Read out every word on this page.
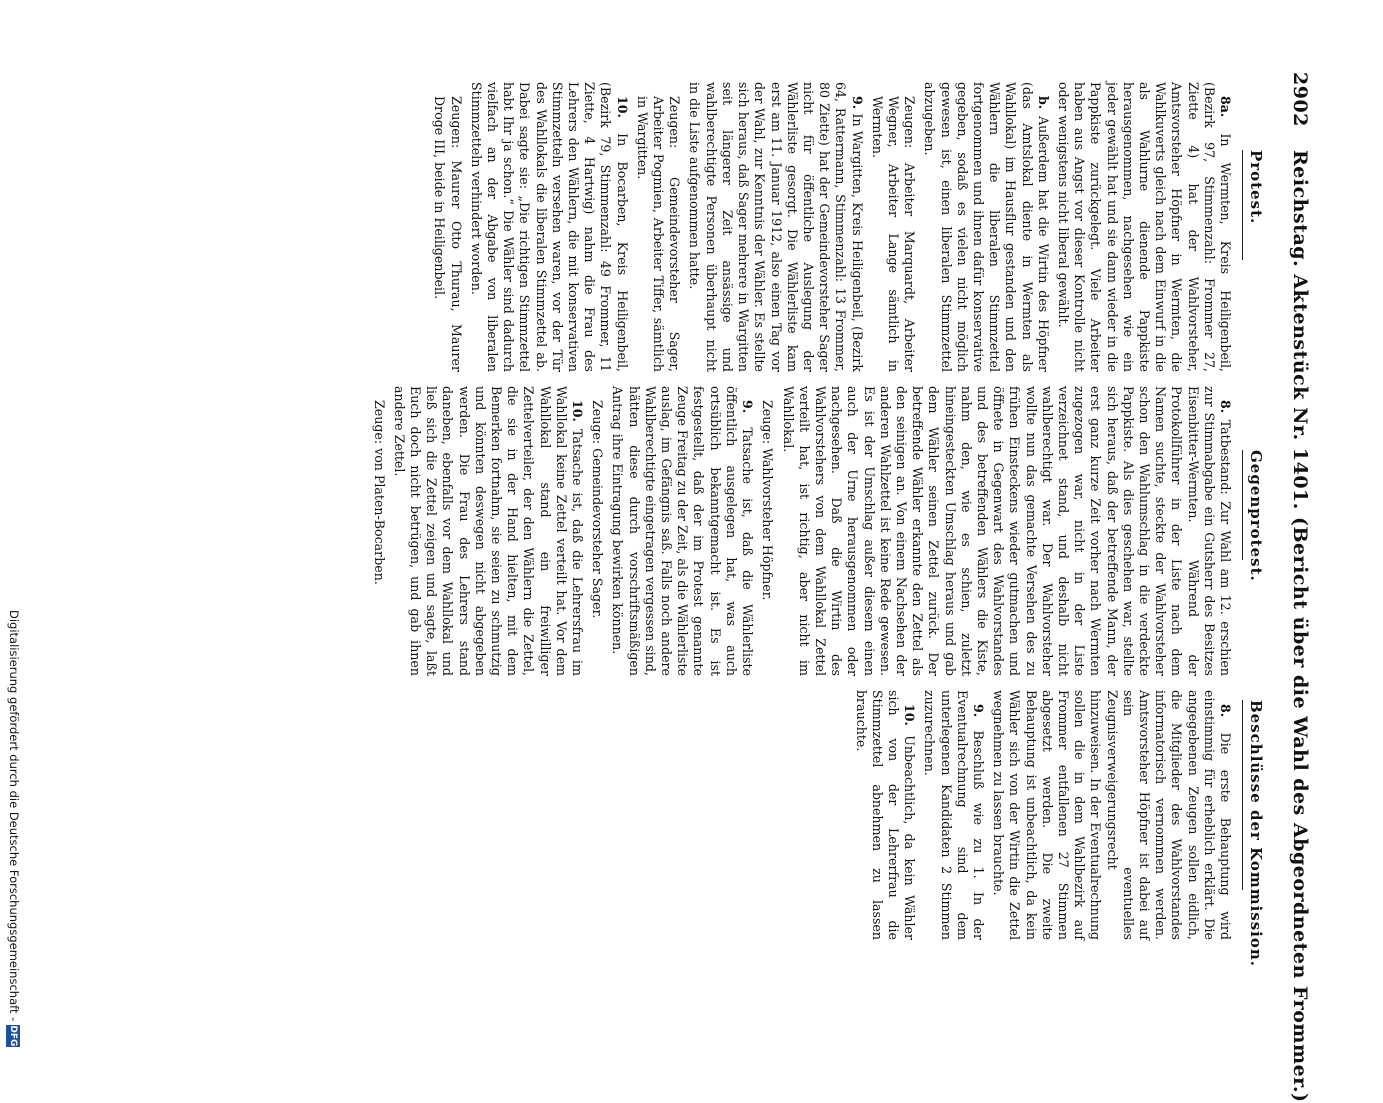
2902 Reichstag. Aktenstück Nr. 1401. (Bericht über die Wahl des Abgeordneten Frommer.)
Protest.
Gegenprotest.
Beschlüsse der Kommission.

8a. In Wermten, Kreis Heiligenbeil, (Bezirk 97, Stimmenzahl: Frommer 27, Ziette 4) hat der Wahlvorsteher, Amtsvorsteher Höpfner in Wermten, die Wahlkuverts gleich nach dem Einwurf in die als Wahlurne dienende Pappkiste herausgenommen, nachgesehen wie ein jeder gewählt hat und sie dann wieder in die Pappkiste zurückgelegt. Viele Arbeiter haben aus Angst vor dieser Kontrolle nicht oder wenigstens nicht liberal gewählt.

b. Außerdem hat die Wirtin des Höpfner (das Amtslokal diente in Wermten als Wahllokal) im Hausflur gestanden und den Wählern die liberalen Stimmzettel fortgenommen und ihnen dafür konservative gegeben, sodaß es vielen nicht möglich gewesen ist, einen liberalen Stimmzettel abzugeben.

Zeugen: Arbeiter Marquardt, Arbeiter Wegner, Arbeiter Lange sämtlich in Wermten.

9. In Wargitten, Kreis Heiligenbeil, (Bezirk 64, Rattermann, Stimmenzahl: 13 Frommer, 80 Ziette) hat der Gemeindevorsteher Sager nicht für öffentliche Auslegung der Wählerliste gesorgt. Die Wählerliste kam erst am 11. Januar 1912, also einen Tag vor der Wahl, zur Kenntnis der Wähler. Es stellte sich heraus, daß Sager mehrere in Wargitten seit längerer Zeit ansässige und wahlberechtigte Personen überhaupt nicht in die Liste aufgenommen hatte.

Zeugen: Gemeindevorsteher Sager, Arbeiter Pogmien, Arbeiter Tiffer, sämtlich in Wargitten.

10. In Bocarben, Kreis Heiligenbeil, (Bezirk 79, Stimmenzahl: 49 Frommer, 11 Ziette, 4 Hartwig) nahm die Frau des Lehrers den Wählern, die mit konservativen Stimmzetteln versehen waren, vor der Tür des Wahllokals die liberalen Stimmzettel ab. Dabei sagte sie: „Die richtigen Stimmzettel habt Ihr ja schon.“ Die Wähler sind dadurch vielfach an der Abgabe von liberalen Stimmzetteln verhindert worden.

Zeugen: Maurer Otto Thurau, Maurer Droge III, beide in Heiligenbeil.

8. Tatbestand: Zur Wahl am 12. erschien zur Stimmabgabe ein Gutsherr des Besitzes Eisenbitter-Wermten. Während der Protokollführer in der Liste nach dem Namen suchte, steckte der Wahlvorsteher schon den Wahlumschlag in die verdeckte Pappkiste. Als dies geschehen war, stellte sich heraus, daß der betreffende Mann, der erst ganz kurze Zeit vorher nach Wermten zugezogen war, nicht in der Liste verzeichnet stand, und deshalb nicht wahlberechtigt war. Der Wahlvorsteher wollte nun das gemachte Versehen des zu frühen Einsteckens wieder gutmachen und öffnete in Gegenwart des Wahlvorstandes und des betreffenden Wählers die Kiste, nahm den, wie es schien, zuletzt hineingesteckten Umschlag heraus und gab dem Wähler seinen Zettel zurück. Der betreffende Wähler erkannte den Zettel als den seinigen an. Von einem Nachsehen der anderen Wahlzettel ist keine Rede gewesen. Es ist der Umschlag außer diesem einen auch der Urne herausgenommen oder nachgesehen. Daß die Wirtin des Wahlvorstehers von dem Wahllokal Zettel verteilt hat, ist richtig, aber nicht im Wahllokal.

Zeuge: Wahlvorsteher Höpfner.

9. Tatsache ist, daß die Wählerliste öffentlich ausgelegen hat, was auch ortsüblich bekanntgemacht ist. Es ist festgestellt, daß der im Protest genannte Zeuge Freitag zu der Zeit, als die Wählerliste auslag, im Gefängnis saß. Falls noch andere Wahlberechtigte eingetragen vergessen sind, hätten diese durch vorschriftsmäßigen Antrag ihre Eintragung bewirken können.

Zeuge: Gemeindevorsteher Sager.

10. Tatsache ist, daß die Lehrersfrau im Wahllokal keine Zettel verteilt hat. Vor dem Wahllokal stand ein freiwilliger Zettelverteiler, der den Wählern die Zettel, die sie in der Hand hielten, mit dem Bemerken fortnahm, sie seien zu schmutzig und könnten deswegen nicht abgegeben werden. Die Frau des Lehrers stand daneben, ebenfalls vor dem Wahllokal und ließ sich die Zettel zeigen und sagte, laßt Euch doch nicht betrügen, und gab ihnen andere Zettel.

Zeuge: von Platen-Bocarben.

8. Die erste Behauptung wird einstimmig für erheblich erklärt. Die angegebenen Zeugen sollen eidlich, die Mitglieder des Wahlvorstandes informatorisch vernommen werden. Amtsvorsteher Höpfner ist dabei auf sein eventuelles Zeugnisverweigerungsrecht hinzuweisen. In der Eventualrechnung sollen die in dem Wahlbezirk auf Frommer entfallenen 27 Stimmen abgesetzt werden. Die zweite Behauptung ist unbeachtlich, da kein Wähler sich von der Wirtin die Zettel wegnehmen zu lassen brauchte.

9. Beschluß wie zu 1. In der Eventualrechnung sind dem unterlegenen Kandidaten 2 Stimmen zuzurechnen.

10. Unbeachtlich, da kein Wähler sich von der Lehrerfrau die Stimmzettel abnehmen zu lassen brauchte.

Digitalisierung gefördert durch die Deutsche Forschungsgemeinschaft - DFG
